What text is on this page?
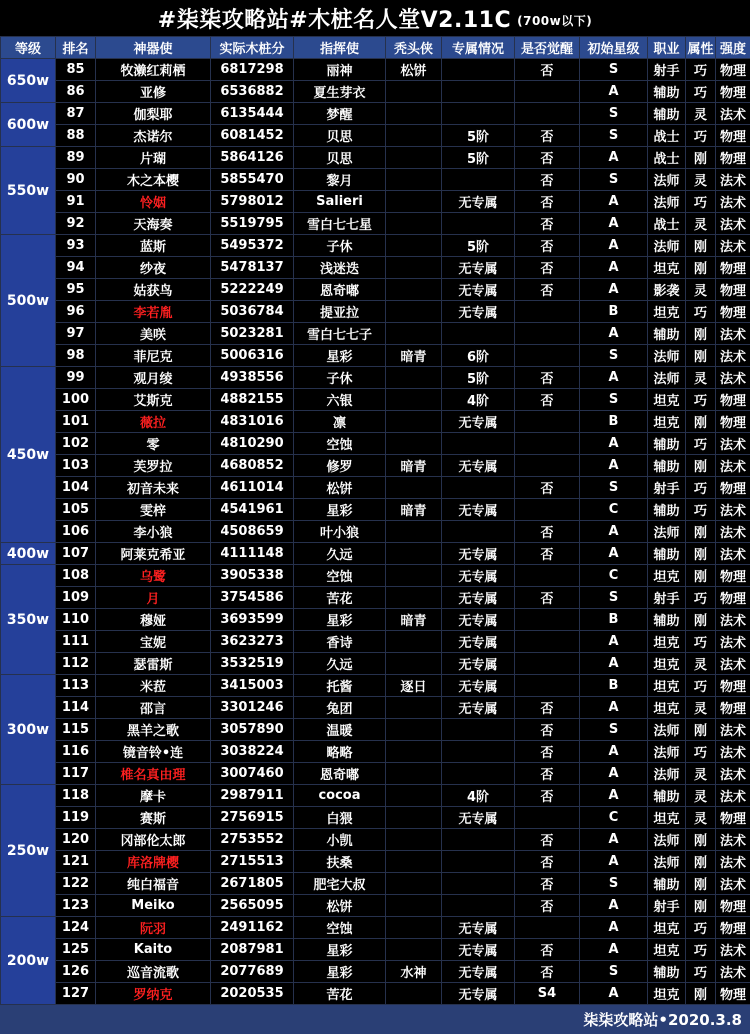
#柒柒攻略站#木桩名人堂V2.11C (700w以下)
等级	排名	神器使	实际木桩分	指挥使	秃头侠	专属情况	是否觉醒	初始星级	职业	属性	强度
650w	85	牧濑红莉栖	6817298	丽神	松饼		否	S	射手	巧	物理
	86	亚修	6536882	夏生芽衣				A	辅助	巧	物理
600w	87	伽梨耶	6135444	梦醒				S	辅助	灵	法术
	88	杰诺尔	6081452	贝思		5阶	否	S	战士	巧	物理
550w	89	片瑚	5864126	贝思		5阶	否	A	战士	刚	物理
	90	木之本樱	5855470	黎月			否	S	法师	灵	法术
	91	怜姻	5798012	Salieri		无专属	否	A	法师	巧	法术
	92	天海奏	5519795	雪白七七星			否	A	战士	灵	法术
500w	93	蓝斯	5495372	子休		5阶	否	A	法师	刚	法术
	94	纱夜	5478137	浅迷迭		无专属	否	A	坦克	刚	物理
	95	姑获鸟	5222249	恩奇嘟		无专属	否	A	影袭	灵	物理
	96	李若胤	5036784	提亚拉		无专属		B	坦克	巧	物理
	97	美咲	5023281	雪白七七子				A	辅助	刚	法术
	98	菲尼克	5006316	星彩	暗青	6阶		S	法师	刚	法术
450w	99	观月绫	4938556	子休		5阶	否	A	法师	灵	法术
	100	艾斯克	4882155	六银		4阶	否	S	坦克	巧	物理
	101	薇拉	4831016	凛		无专属		B	坦克	刚	物理
	102	零	4810290	空蚀				A	辅助	巧	法术
	103	芙罗拉	4680852	修罗	暗青	无专属		A	辅助	刚	法术
	104	初音未来	4611014	松饼			否	S	射手	巧	物理
	105	雯梓	4541961	星彩	暗青	无专属		C	辅助	巧	法术
	106	李小狼	4508659	叶小狼			否	A	法师	刚	法术
400w	107	阿莱克希亚	4111148	久远		无专属	否	A	辅助	刚	法术
350w	108	乌鹭	3905338	空蚀		无专属		C	坦克	刚	物理
	109	月	3754586	苦花		无专属	否	S	射手	巧	物理
	110	穆娅	3693599	星彩	暗青	无专属		B	辅助	刚	法术
	111	宝妮	3623273	香诗		无专属		A	坦克	巧	法术
	112	瑟雷斯	3532519	久远		无专属		A	坦克	灵	法术
300w	113	米菈	3415003	托酱	逐日	无专属		B	坦克	巧	物理
	114	邵言	3301246	兔团		无专属	否	A	坦克	灵	物理
	115	黑羊之歌	3057890	温暖			否	S	法师	刚	法术
	116	镜音铃•连	3038224	略略			否	A	法师	巧	法术
	117	椎名真由理	3007460	恩奇嘟			否	A	法师	灵	法术
250w	118	摩卡	2987911	cocoa		4阶	否	A	辅助	灵	法术
	119	赛斯	2756915	白猥		无专属		C	坦克	灵	物理
	120	冈部伦太郎	2753552	小凯			否	A	法师	刚	法术
	121	库洛牌樱	2715513	扶桑			否	A	法师	刚	法术
	122	纯白福音	2671805	肥宅大叔			否	S	辅助	刚	法术
	123	Meiko	2565095	松饼			否	A	射手	刚	物理
200w	124	阮羽	2491162	空蚀		无专属		A	坦克	巧	物理
	125	Kaito	2087981	星彩		无专属	否	A	坦克	巧	法术
	126	巡音流歌	2077689	星彩	水神	无专属	否	S	辅助	巧	法术
	127	罗纳克	2020535	苦花		无专属	S4	A	坦克	刚	物理
柒柒攻略站•2020.3.8
